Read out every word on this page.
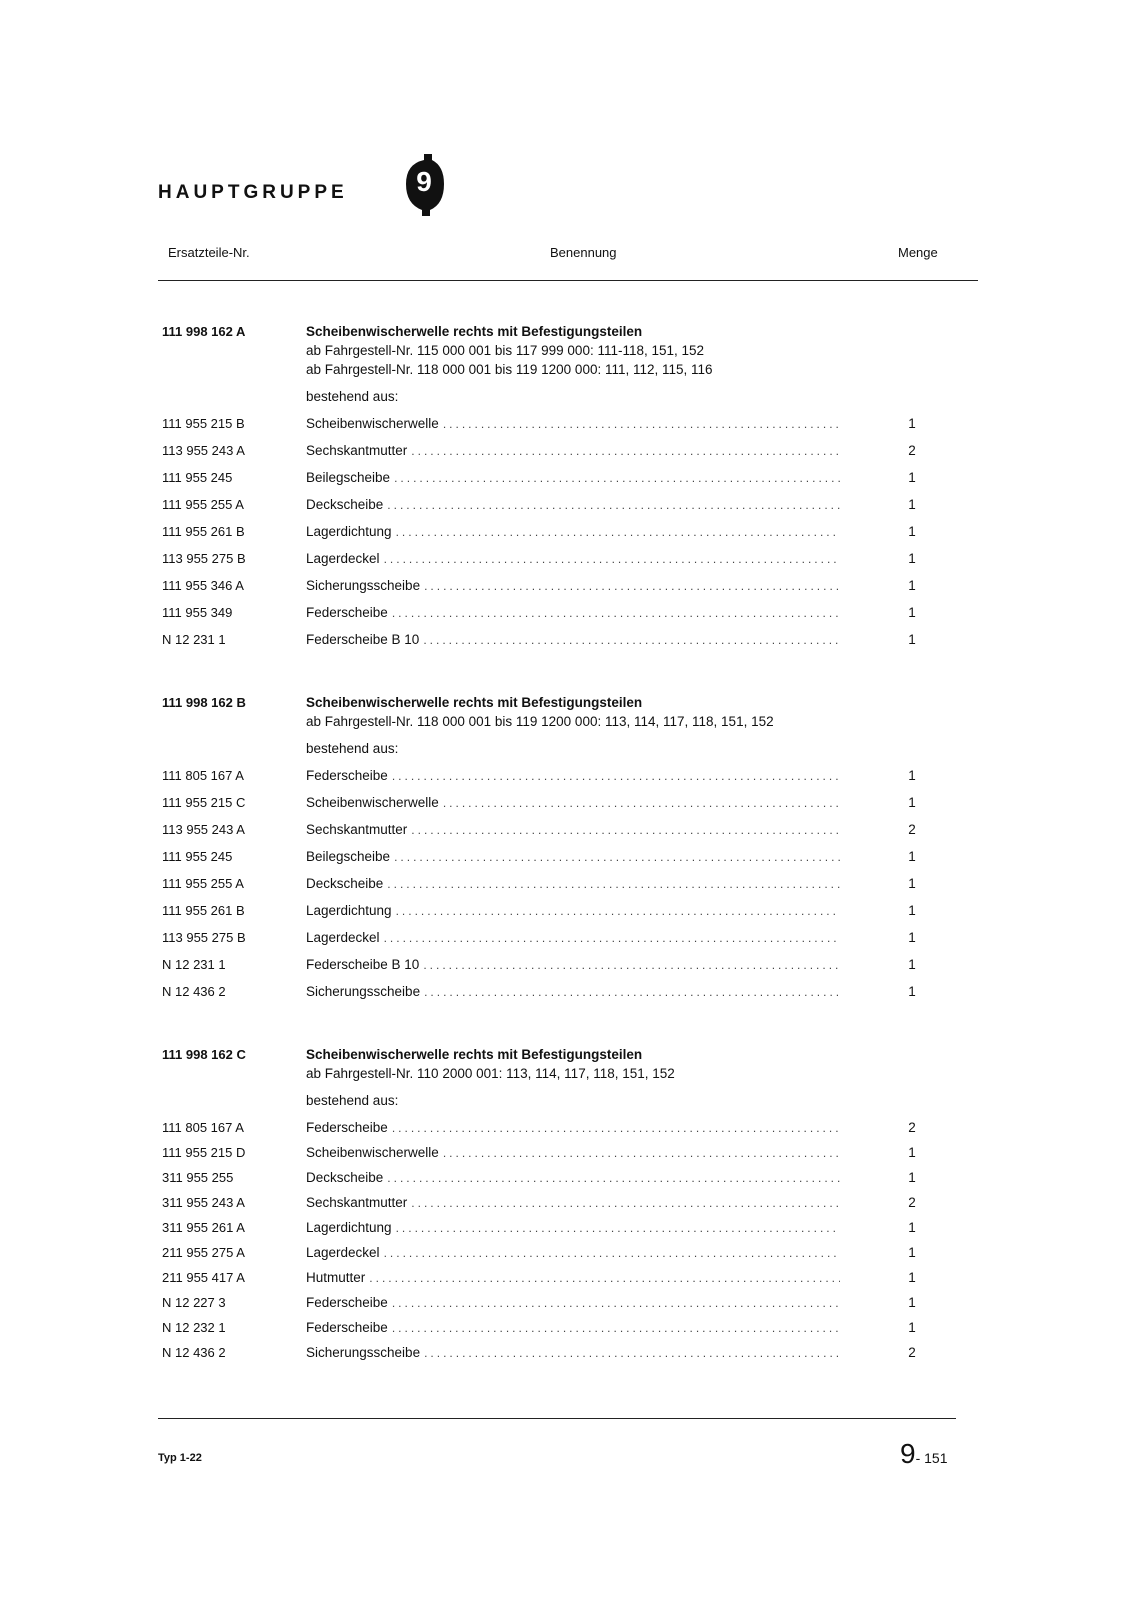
HAUPTGRUPPE	9
Ersatzteile-Nr.	Benennung	Menge
111 998 162 A	Scheibenwischerwelle rechts mit Befestigungsteilen
ab Fahrgestell-Nr. 115 000 001 bis 117 999 000: 111-118, 151, 152
ab Fahrgestell-Nr. 118 000 001 bis 119 1200 000: 111, 112, 115, 116
bestehend aus:
111 955 215 B	Scheibenwischerwelle .....	1
113 955 243 A	Sechskantmutter .....	2
111 955 245	Beilegscheibe .....	1
111 955 255 A	Deckscheibe .....	1
111 955 261 B	Lagerdichtung .....	1
113 955 275 B	Lagerdeckel .....	1
111 955 346 A	Sicherungsscheibe .....	1
111 955 349	Federscheibe .....	1
N 12 231 1	Federscheibe B 10 .....	1
111 998 162 B	Scheibenwischerwelle rechts mit Befestigungsteilen
ab Fahrgestell-Nr. 118 000 001 bis 119 1200 000: 113, 114, 117, 118, 151, 152
bestehend aus:
111 805 167 A	Federscheibe .....	1
111 955 215 C	Scheibenwischerwelle .....	1
113 955 243 A	Sechskantmutter .....	2
111 955 245	Beilegscheibe .....	1
111 955 255 A	Deckscheibe .....	1
111 955 261 B	Lagerdichtung .....	1
113 955 275 B	Lagerdeckel .....	1
N 12 231 1	Federscheibe B 10 .....	1
N 12 436 2	Sicherungsscheibe .....	1
111 998 162 C	Scheibenwischerwelle rechts mit Befestigungsteilen
ab Fahrgestell-Nr. 110 2000 001: 113, 114, 117, 118, 151, 152
bestehend aus:
111 805 167 A	Federscheibe .....	2
111 955 215 D	Scheibenwischerwelle .....	1
311 955 255	Deckscheibe .....	1
311 955 243 A	Sechskantmutter .....	2
311 955 261 A	Lagerdichtung .....	1
211 955 275 A	Lagerdeckel .....	1
211 955 417 A	Hutmutter .....	1
N 12 227 3	Federscheibe .....	1
N 12 232 1	Federscheibe .....	1
N 12 436 2	Sicherungsscheibe .....	2
Typ 1-22	9- 151
